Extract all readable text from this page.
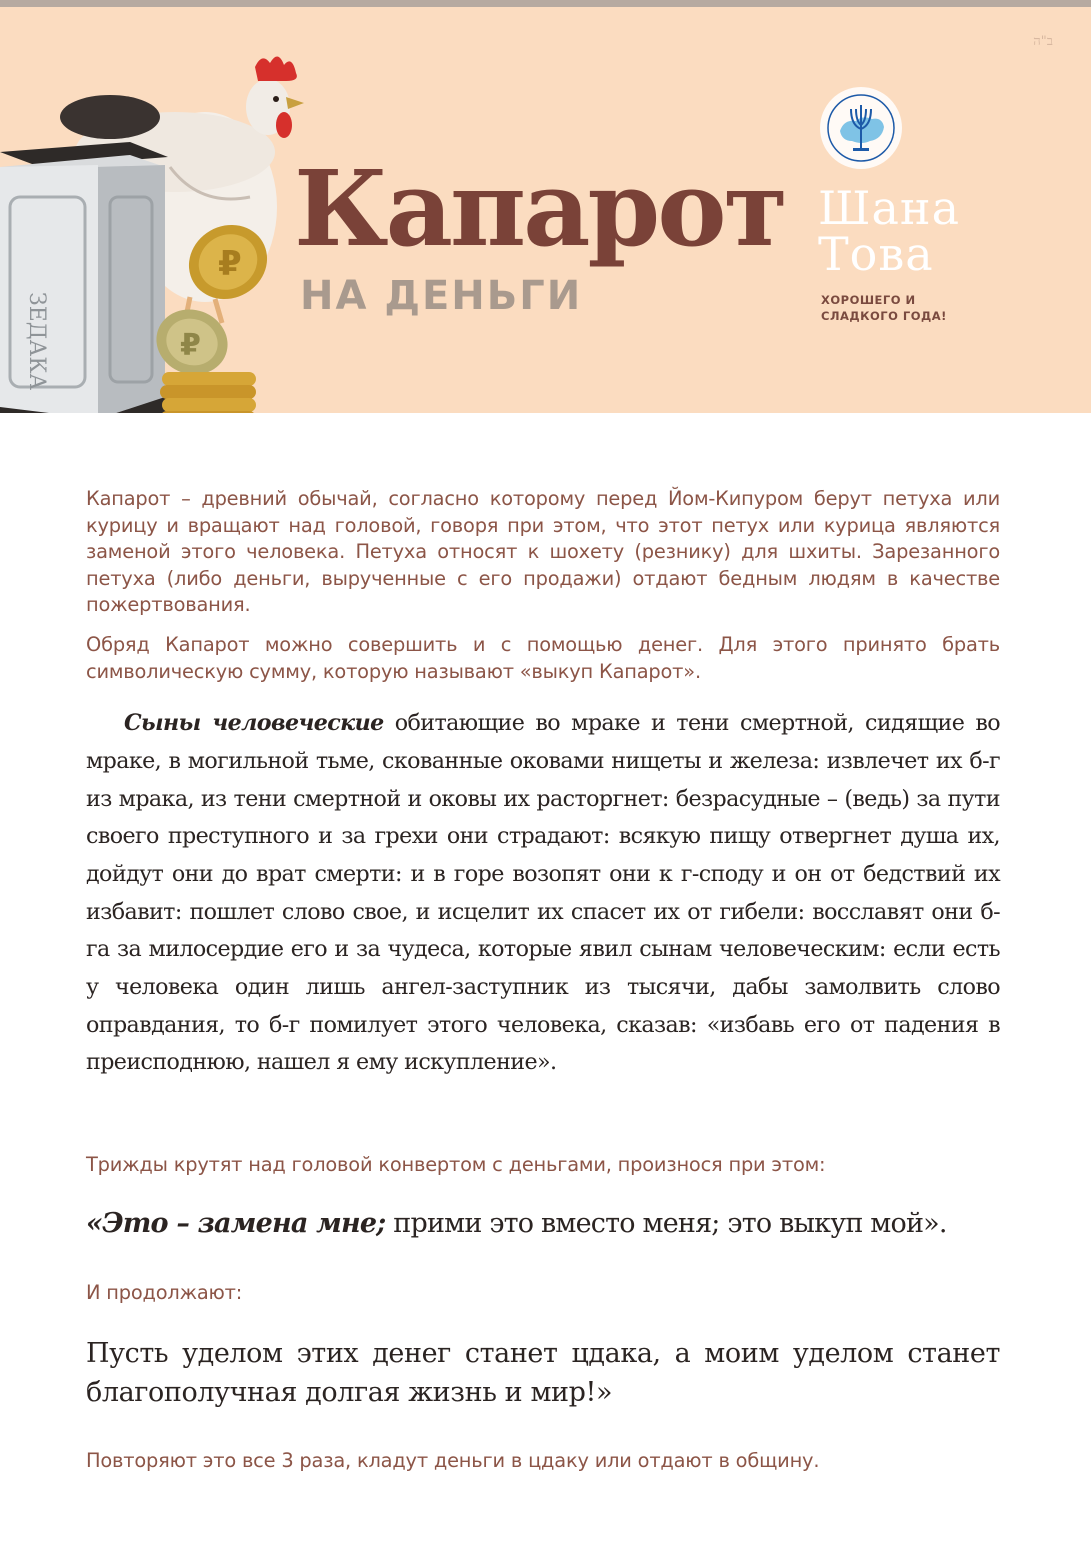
ב"ה
ЗЕДАКА
₽
₽
Капарот
НА ДЕНЬГИ
Шана
Това
ХОРОШЕГО И
СЛАДКОГО ГОДА!

Капарот – древний обычай, согласно которому перед Йом-Кипуром берут петуха или курицу и вращают над головой, говоря при этом, что этот петух или курица являются заменой этого человека. Петуха относят к шохету (резнику) для шхиты. Зарезанного петуха (либо деньги, вырученные с его продажи) отдают бедным людям в качестве пожертвования.

Обряд Капарот можно совершить и с помощью денег. Для этого принято брать символическую сумму, которую называют «выкуп Капарот».

Сыны человеческие обитающие во мраке и тени смертной, сидящие во мраке, в могильной тьме, скованные оковами нищеты и железа: извлечет их б-г из мрака, из тени смертной и оковы их расторгнет: безрасудные – (ведь) за пути своего преступного и за грехи они страдают: всякую пищу отвергнет душа их, дойдут они до врат смерти: и в горе возопят они к г-споду и он от бедствий их избавит: пошлет слово свое, и исцелит их спасет их от гибели: восславят они б-га за милосердие его и за чудеса, которые явил сынам человеческим: если есть у человека один лишь ангел-заступник из тысячи, дабы замолвить слово оправдания, то б-г помилует этого человека, сказав: «избавь его от падения в преисподнюю, нашел я ему искупление».

Трижды крутят над головой конвертом с деньгами, произнося при этом:

«Это – замена мне; прими это вместо меня; это выкуп мой».

И продолжают:

Пусть уделом этих денег станет цдака, а моим уделом станет благополучная долгая жизнь и мир!»

Повторяют это все 3 раза, кладут деньги в цдаку или отдают в общину.
